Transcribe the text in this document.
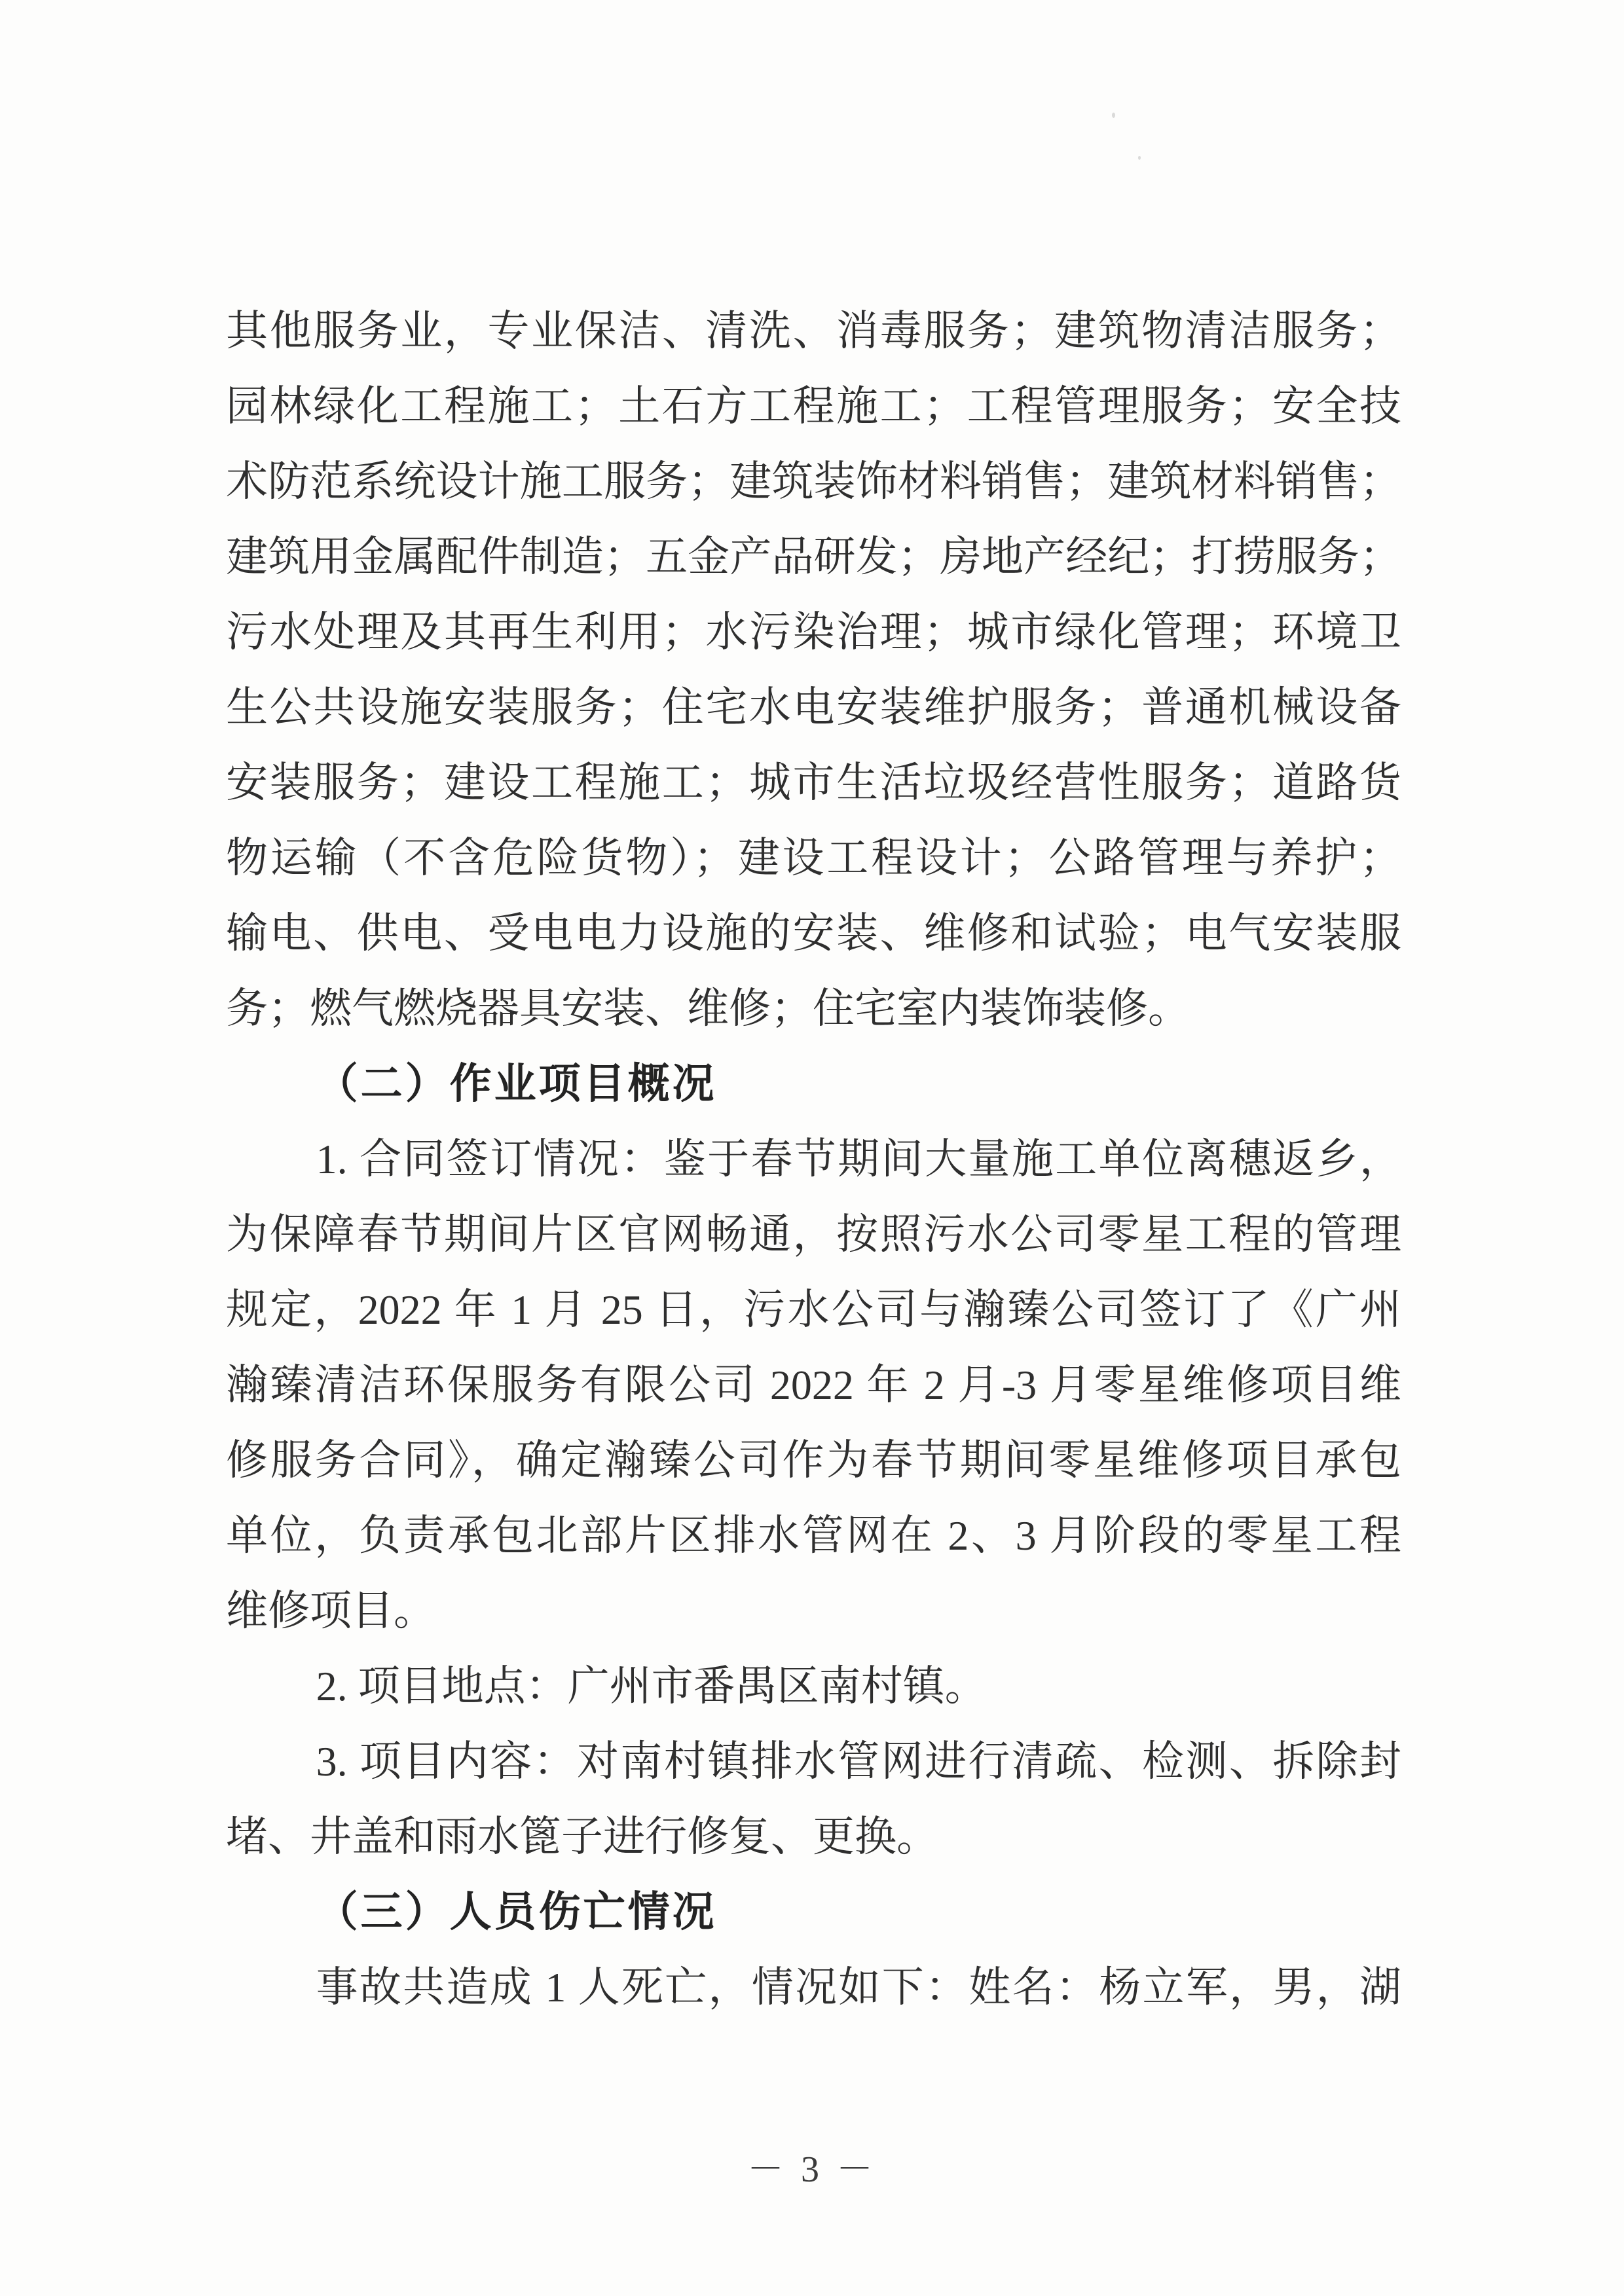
其他服务业，专业保洁、清洗、消毒服务；建筑物清洁服务；
园林绿化工程施工；土石方工程施工；工程管理服务；安全技
术防范系统设计施工服务；建筑装饰材料销售；建筑材料销售；
建筑用金属配件制造；五金产品研发；房地产经纪；打捞服务；
污水处理及其再生利用；水污染治理；城市绿化管理；环境卫
生公共设施安装服务；住宅水电安装维护服务；普通机械设备
安装服务；建设工程施工；城市生活垃圾经营性服务；道路货
物运输（不含危险货物）；建设工程设计；公路管理与养护；
输电、供电、受电电力设施的安装、维修和试验；电气安装服
务；燃气燃烧器具安装、维修；住宅室内装饰装修。
（二）作业项目概况
1. 合同签订情况：鉴于春节期间大量施工单位离穗返乡，
为保障春节期间片区官网畅通，按照污水公司零星工程的管理
规定，2022 年 1 月 25 日，污水公司与瀚臻公司签订了《广州
瀚臻清洁环保服务有限公司 2022 年 2 月-3 月零星维修项目维
修服务合同》，确定瀚臻公司作为春节期间零星维修项目承包
单位，负责承包北部片区排水管网在 2、3 月阶段的零星工程
维修项目。
2. 项目地点：广州市番禺区南村镇。
3. 项目内容：对南村镇排水管网进行清疏、检测、拆除封
堵、井盖和雨水篦子进行修复、更换。
（三）人员伤亡情况
事故共造成 1 人死亡，情况如下：姓名：杨立军，男，湖
－ 3 －
